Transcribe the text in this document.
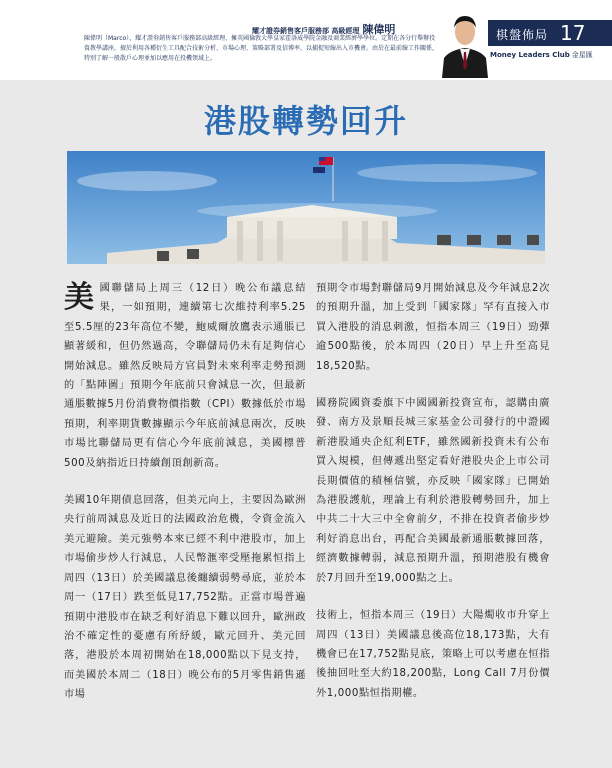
耀才證券銷售客戶服務部 高級經理 陳偉明
陳偉明（Marco），耀才證券銷售客戶服務部高級經理，擁英國倫敦大學皇家霍洛威學院金融及商業經濟學學位。定期在各分行舉辦投資教學講座，擅於利用各種衍生工具配合技術分析、市場心理、策略部署及信博率，以捕捉短線出入市機會。由於在最前線工作關係，特別了解一般散戶心理並加以應用在投機領域上。
棋盤佈局 17
Money Leaders Club 金星匯
港股轉勢回升

美國聯儲局上周三（12日）晚公布議息結果，一如預期，連續第七次維持利率5.25至5.5厘的23年高位不變，鮑威爾放鷹表示通脹已顯著緩和，但仍然過高，令聯儲局仍未有足夠信心開始減息。雖然反映局方官員對未來利率走勢預測的「點陣圖」預期今年底前只會減息一次，但最新通脹數據5月份消費物價指數（CPI）數據低於市場預期，利率期貨數據顯示今年底前減息兩次，反映市場比聯儲局更有信心今年底前減息，美國標普500及納指近日持續創頂創新高。

美國10年期債息回落，但美元向上，主要因為歐洲央行前周減息及近日的法國政治危機，令資金流入美元避險。美元強勢本來已經不利中港股市，加上市場偷步炒人行減息，人民幣滙率受壓拖累恒指上周四（13日）於美國議息後纏續弱勢尋底，並於本周一（17日）跌至低見17,752點。正當市場普遍預期中港股市在缺乏利好消息下難以回升，歐洲政治不確定性的憂慮有所紓緩，歐元回升、美元回落，港股於本周初開始在18,000點以下見支持，而美國於本周二（18日）晚公布的5月零售銷售遜市場

預期令市場對聯儲局9月開始減息及今年減息2次的預期升溫，加上受到「國家隊」罕有直接入市買入港股的消息刺激，恒指本周三（19日）勁彈逾500點後，於本周四（20日）早上升至高見18,520點。

國務院國資委旗下中國國新投資宣布，認購由廣發、南方及景順長城三家基金公司發行的中證國新港股通央企紅利ETF，雖然國新投資未有公布買入規模，但傳遞出堅定看好港股央企上市公司長期價值的積極信號，亦反映「國家隊」已開始為港股護航，理論上有利於港股轉勢回升，加上中共二十大三中全會前夕，不排在投資者偷步炒利好消息出台，再配合美國最新通脹數據回落，經濟數據轉弱，減息預期升溫，預期港股有機會於7月回升至19,000點之上。

技術上，恒指本周三（19日）大陽燭收市升穿上周四（13日）美國議息後高位18,173點，大有機會已在17,752點見底，策略上可以考慮在恒指後抽回吐至大約18,200點，Long Call 7月份價外1,000點恒指期權。
